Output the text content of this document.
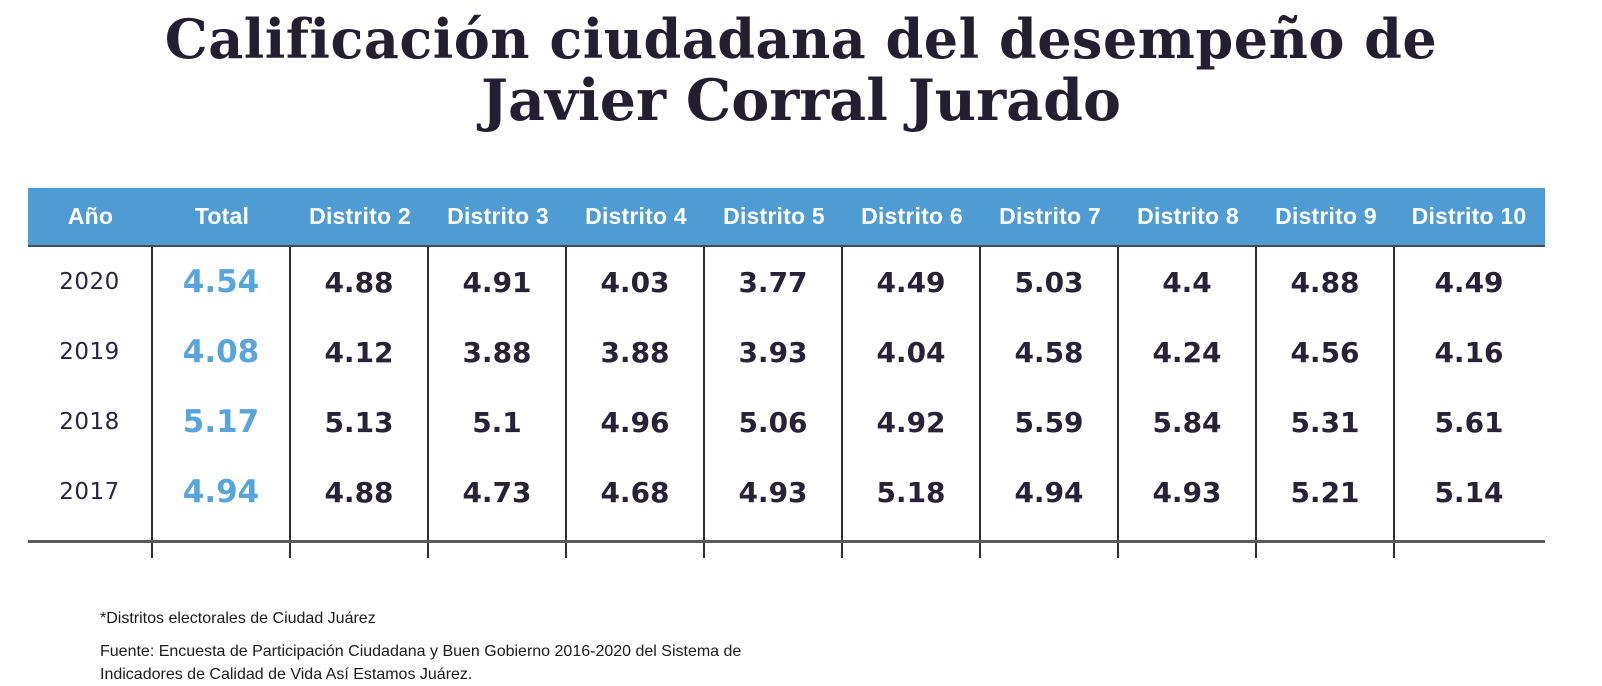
Calificación ciudadana del desempeño de
Javier Corral Jurado
Año	Total	Distrito 2	Distrito 3	Distrito 4	Distrito 5	Distrito 6	Distrito 7	Distrito 8	Distrito 9	Distrito 10
2020	4.54	4.88	4.91	4.03	3.77	4.49	5.03	4.4	4.88	4.49
2019	4.08	4.12	3.88	3.88	3.93	4.04	4.58	4.24	4.56	4.16
2018	5.17	5.13	5.1	4.96	5.06	4.92	5.59	5.84	5.31	5.61
2017	4.94	4.88	4.73	4.68	4.93	5.18	4.94	4.93	5.21	5.14
*Distritos electorales de Ciudad Juárez
Fuente: Encuesta de Participación Ciudadana y Buen Gobierno 2016-2020 del Sistema de Indicadores de Calidad de Vida Así Estamos Juárez.
